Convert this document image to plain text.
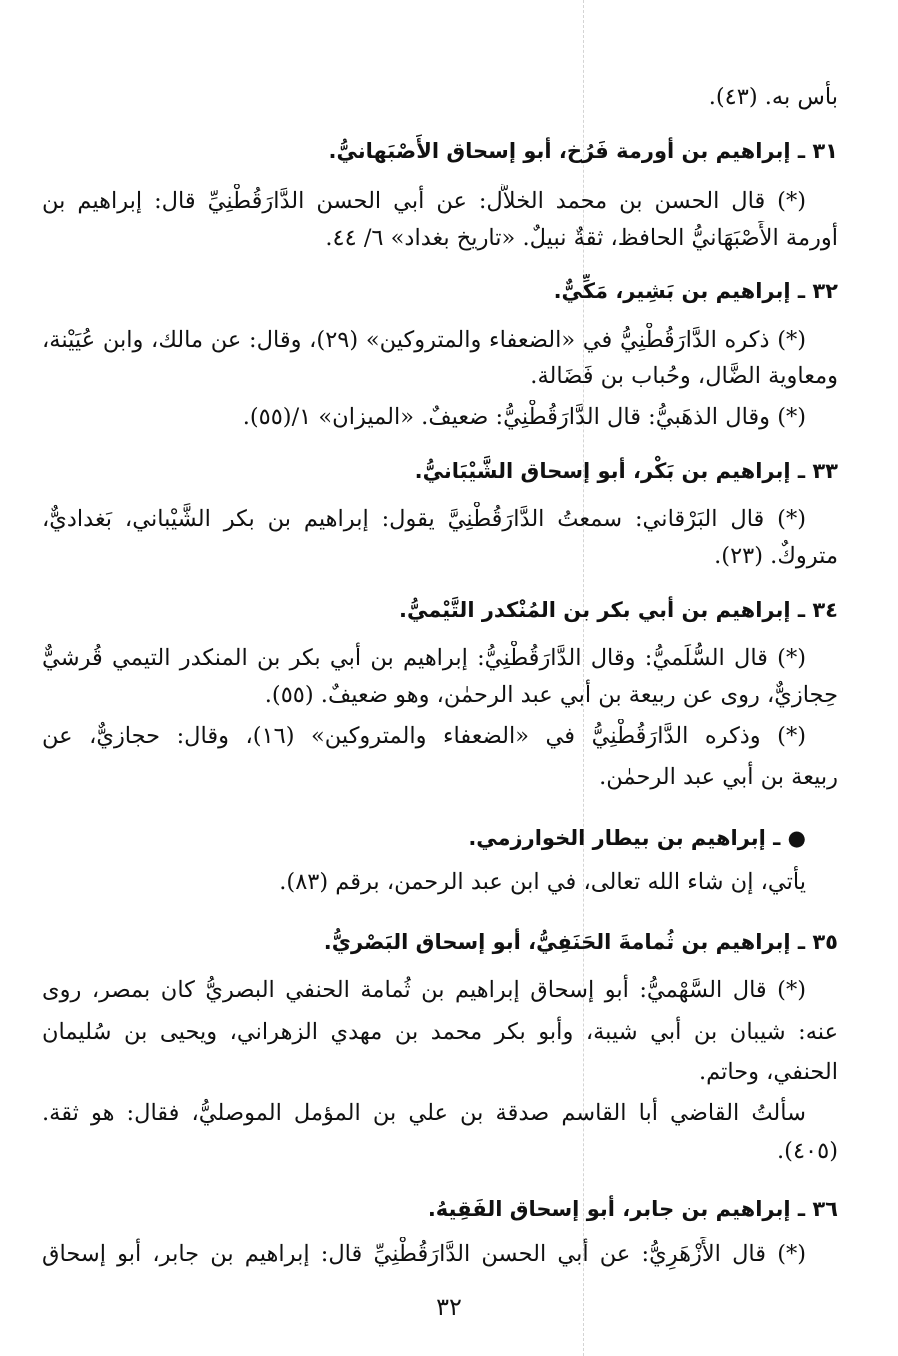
بأس به. (٤٣).
٣١ ـ إبراهيم بن أورمة فَرُخ، أبو إسحاق الأَصْبَهانيُّ.
(*) قال الحسن بن محمد الخلاَّل: عن أبي الحسن الدَّارَقُطْنِيِّ قال: إبراهيم بن
أورمة الأَصْبَهَانيُّ الحافظ، ثقةٌ نبيلٌ. «تاريخ بغداد» ٦/ ٤٤.
٣٢ ـ إبراهيم بن بَشِير، مَكِّيٌّ.
(*) ذكره الدَّارَقُطْنِيُّ في «الضعفاء والمتروكين» (٢٩)، وقال: عن مالك، وابن عُيَيْنة،
ومعاوية الضَّال، وحُباب بن فَضَالة.
(*) وقال الذهَبيُّ: قال الدَّارَقُطْنِيُّ: ضعيفٌ. «الميزان» ١/(٥٥).
٣٣ ـ إبراهيم بن بَكْر، أبو إسحاق الشَّيْبَانيُّ.
(*) قال البَرْقاني: سمعتُ الدَّارَقُطْنِيَّ يقول: إبراهيم بن بكر الشَّيْباني، بَغداديٌّ،
متروكٌ. (٢٣).
٣٤ ـ إبراهيم بن أبي بكر بن المُنْكدر التَّيْميُّ.
(*) قال السُّلَميُّ: وقال الدَّارَقُطْنِيُّ: إبراهيم بن أبي بكر بن المنكدر التيمي قُرشيٌّ
حِجازيٌّ، روى عن ربيعة بن أبي عبد الرحمٰن، وهو ضعيفٌ. (٥٥).
(*) وذكره الدَّارَقُطْنِيُّ في «الضعفاء والمتروكين» (١٦)، وقال: حجازيٌّ، عن
ربيعة بن أبي عبد الرحمٰن.
● ـ إبراهيم بن بيطار الخوارزمي.
يأتي، إن شاء الله تعالى، في ابن عبد الرحمن، برقم (٨٣).
٣٥ ـ إبراهيم بن ثُمامةَ الحَنَفِيُّ، أبو إسحاق البَصْريُّ.
(*) قال السَّهْميُّ: أبو إسحاق إبراهيم بن ثُمامة الحنفي البصريُّ كان بمصر، روى
عنه: شيبان بن أبي شيبة، وأبو بكر محمد بن مهدي الزهراني، ويحيى بن سُليمان
الحنفي، وحاتم.
سألتُ القاضي أبا القاسم صدقة بن علي بن المؤمل الموصليُّ، فقال: هو ثقة.
(٤٠٥).
٣٦ ـ إبراهيم بن جابر، أبو إسحاق الفَقِيهُ.
(*) قال الأَزْهَرِيُّ: عن أبي الحسن الدَّارَقُطْنِيِّ قال: إبراهيم بن جابر، أبو إسحاق
٣٢
